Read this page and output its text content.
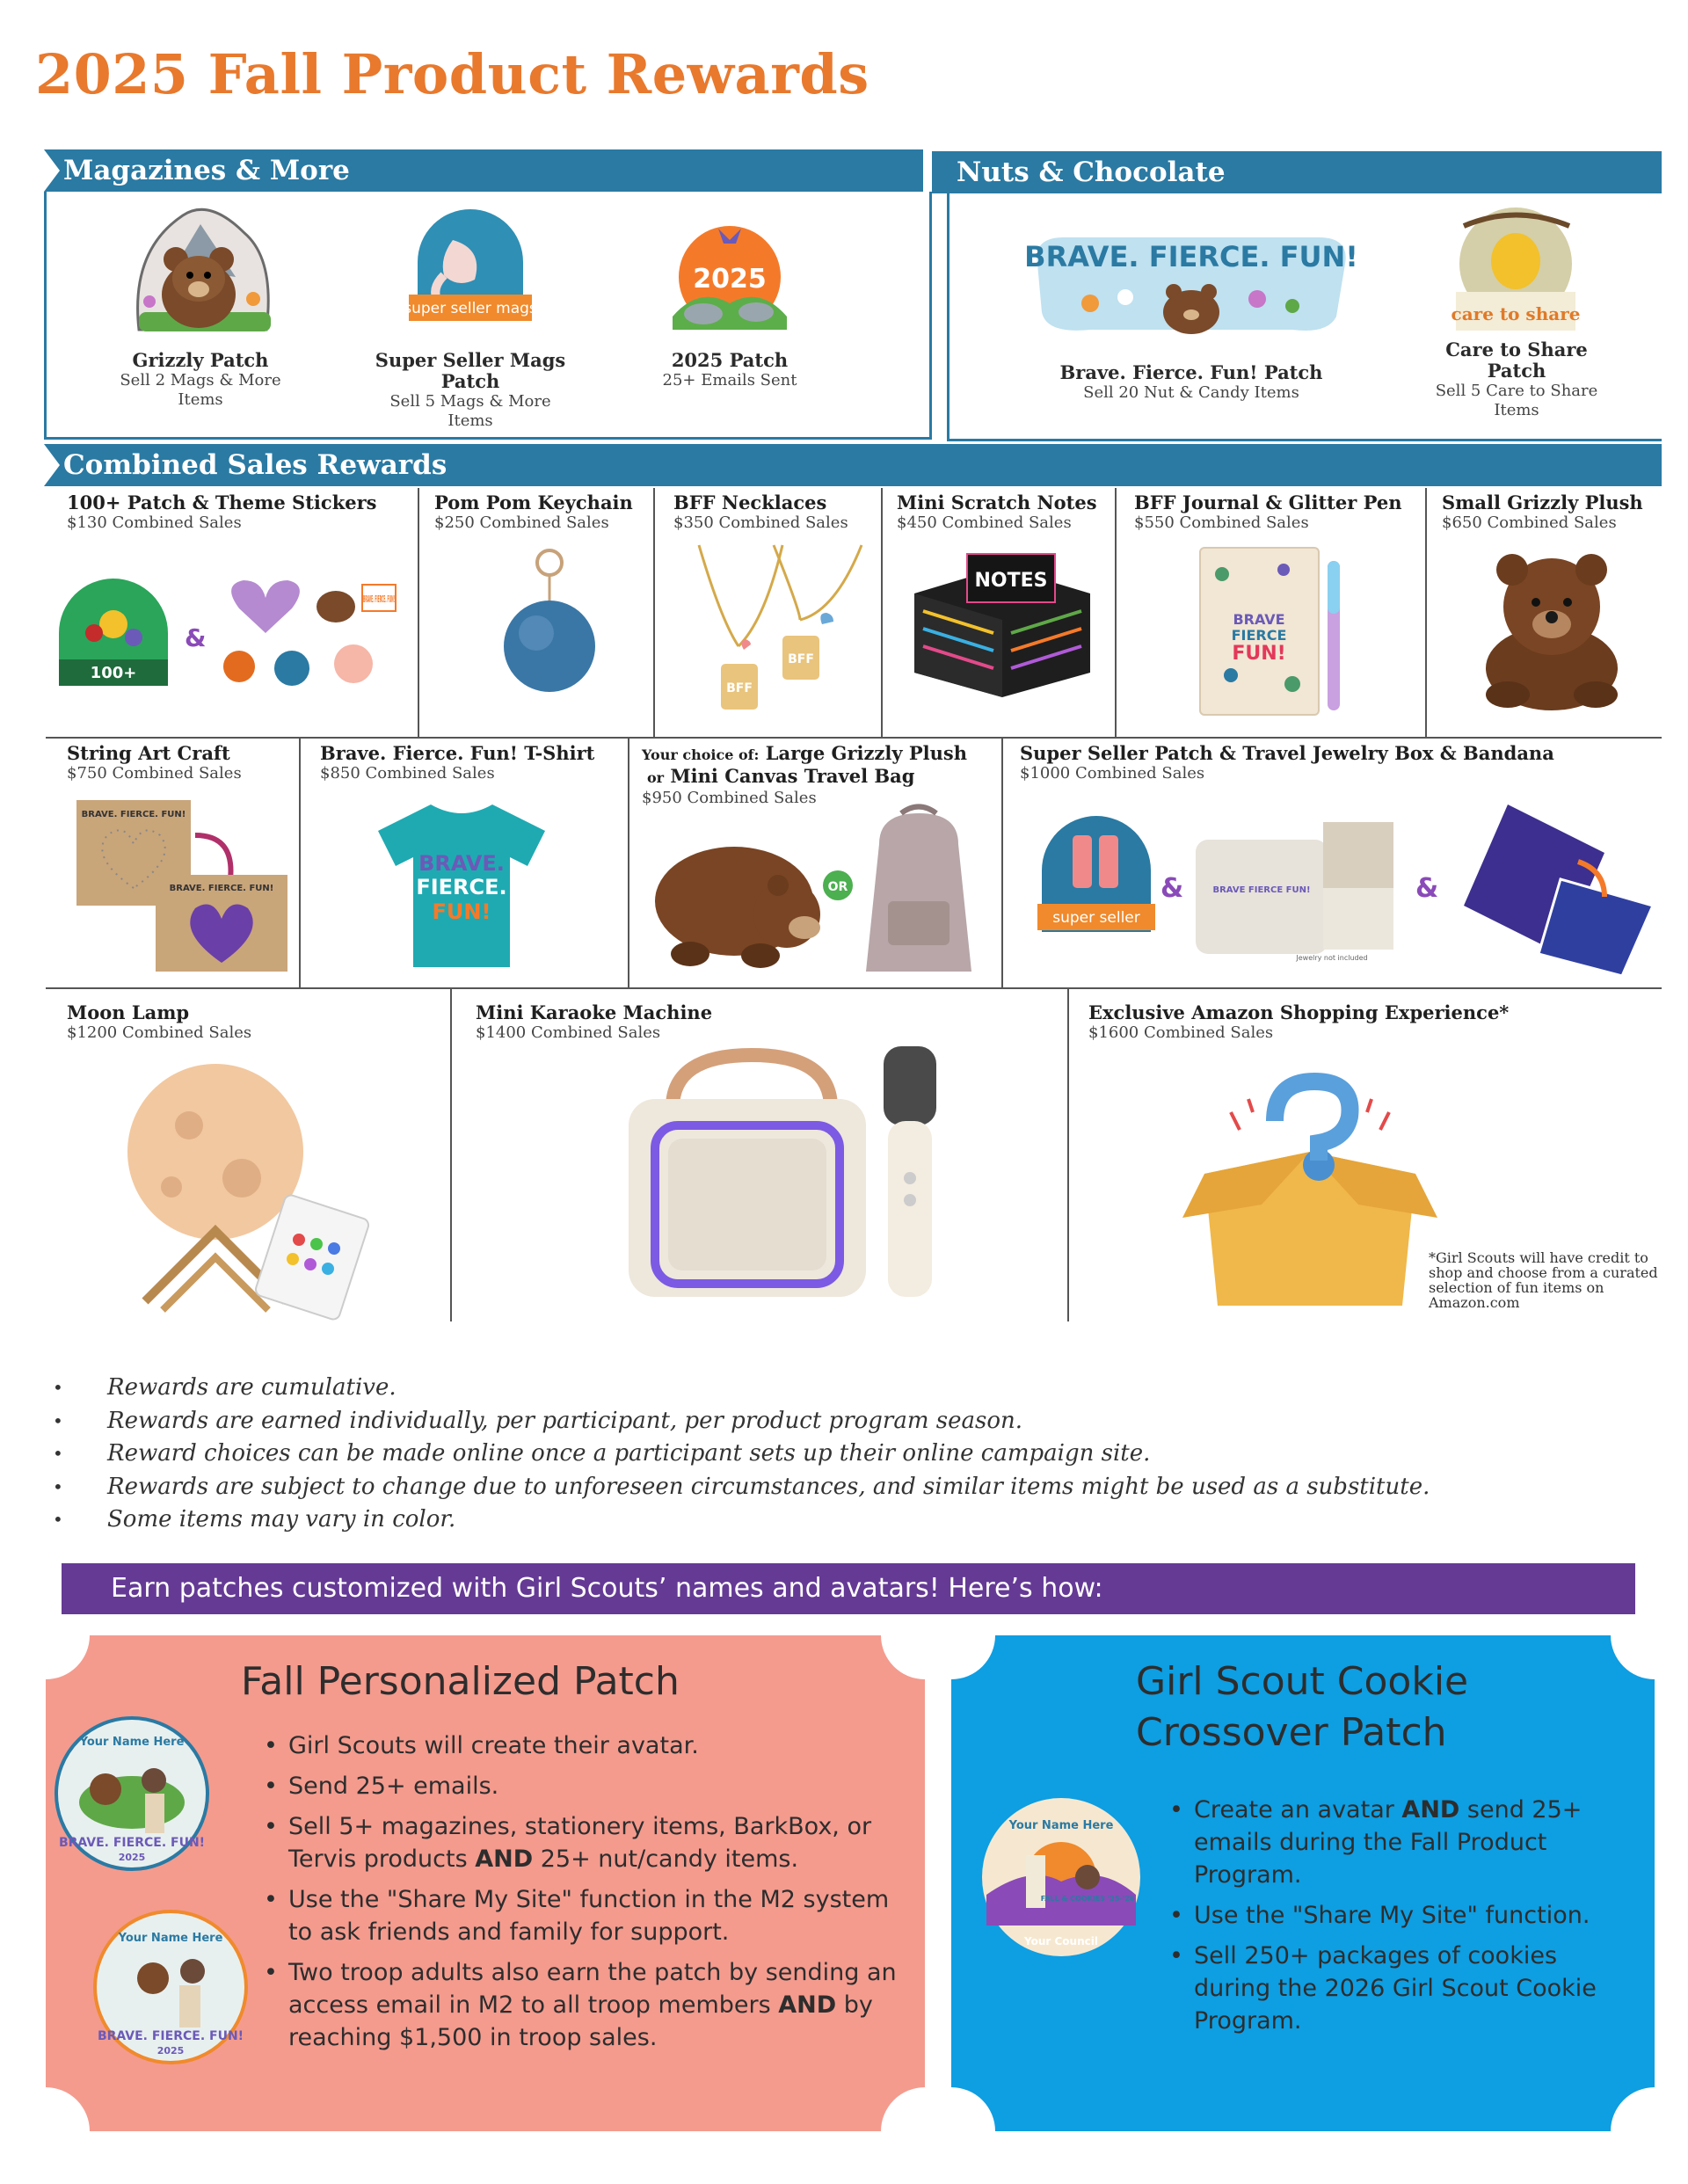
2025 Fall Product Rewards
Magazines & More	Nuts & Chocolate
Grizzly Patch
Sell 2 Mags & More Items
super seller mags
Super Seller Mags Patch
Sell 5 Mags & More Items
2025
2025 Patch
25+ Emails Sent
BRAVE. FIERCE. FUN!
Brave. Fierce. Fun! Patch
Sell 20 Nut & Candy Items
care to share
Care to Share Patch
Sell 5 Care to Share Items
Combined Sales Rewards
100+ Patch & Theme Stickers
$130 Combined Sales
100+
&
BRAVE. FIERCE. FUN!
Pom Pom Keychain
$250 Combined Sales
BFF Necklaces
$350 Combined Sales
BFF
BFF
Mini Scratch Notes
$450 Combined Sales
NOTES
BFF Journal & Glitter Pen
$550 Combined Sales
BRAVE
FIERCE
FUN!
Small Grizzly Plush
$650 Combined Sales
String Art Craft
$750 Combined Sales
BRAVE. FIERCE. FUN!
BRAVE. FIERCE. FUN!
Brave. Fierce. Fun! T-Shirt
$850 Combined Sales
BRAVE.
FIERCE.
FUN!
Your choice of: Large Grizzly Plush
or Mini Canvas Travel Bag
$950 Combined Sales
OR
Super Seller Patch & Travel Jewelry Box & Bandana
$1000 Combined Sales
super seller
&	BRAVE FIERCE FUN!
Jewelry not included
&
Moon Lamp
$1200 Combined Sales
Mini Karaoke Machine
$1400 Combined Sales
Exclusive Amazon Shopping Experience*
$1600 Combined Sales
*Girl Scouts will have credit to shop and choose from a curated selection of fun items on Amazon.com
• Rewards are cumulative.
• Rewards are earned individually, per participant, per product program season.
• Reward choices can be made online once a participant sets up their online campaign site.
• Rewards are subject to change due to unforeseen circumstances, and similar items might be used as a substitute.
• Some items may vary in color.
Earn patches customized with Girl Scouts’ names and avatars! Here’s how:
Fall Personalized Patch
Your Name Here
BRAVE. FIERCE. FUN!
2025
Your Name Here
BRAVE. FIERCE. FUN!
2025
• Girl Scouts will create their avatar.
• Send 25+ emails.
• Sell 5+ magazines, stationery items, BarkBox, or Tervis products AND 25+ nut/candy items.
• Use the "Share My Site" function in the M2 system to ask friends and family for support.
• Two troop adults also earn the patch by sending an access email in M2 to all troop members AND by reaching $1,500 in troop sales.
Girl Scout Cookie
Crossover Patch
Your Name Here
FALL & COOKIES '25-'26
Your Council
• Create an avatar AND send 25+ emails during the Fall Product Program.
• Use the "Share My Site" function.
• Sell 250+ packages of cookies during the 2026 Girl Scout Cookie Program.
